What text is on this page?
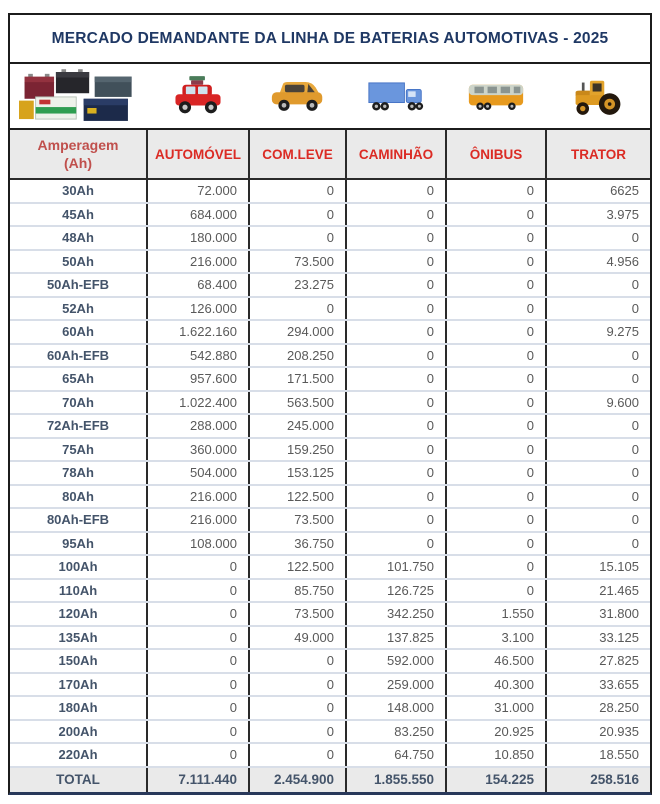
MERCADO DEMANDANTE DA LINHA DE BATERIAS AUTOMOTIVAS - 2025
Amperagem
(Ah)	AUTOMÓVEL	COM.LEVE	CAMINHÃO	ÔNIBUS	TRATOR
30Ah	72.000	0	0	0	6625
45Ah	684.000	0	0	0	3.975
48Ah	180.000	0	0	0	0
50Ah	216.000	73.500	0	0	4.956
50Ah-EFB	68.400	23.275	0	0	0
52Ah	126.000	0	0	0	0
60Ah	1.622.160	294.000	0	0	9.275
60Ah-EFB	542.880	208.250	0	0	0
65Ah	957.600	171.500	0	0	0
70Ah	1.022.400	563.500	0	0	9.600
72Ah-EFB	288.000	245.000	0	0	0
75Ah	360.000	159.250	0	0	0
78Ah	504.000	153.125	0	0	0
80Ah	216.000	122.500	0	0	0
80Ah-EFB	216.000	73.500	0	0	0
95Ah	108.000	36.750	0	0	0
100Ah	0	122.500	101.750	0	15.105
110Ah	0	85.750	126.725	0	21.465
120Ah	0	73.500	342.250	1.550	31.800
135Ah	0	49.000	137.825	3.100	33.125
150Ah	0	0	592.000	46.500	27.825
170Ah	0	0	259.000	40.300	33.655
180Ah	0	0	148.000	31.000	28.250
200Ah	0	0	83.250	20.925	20.935
220Ah	0	0	64.750	10.850	18.550
TOTAL	7.111.440	2.454.900	1.855.550	154.225	258.516
